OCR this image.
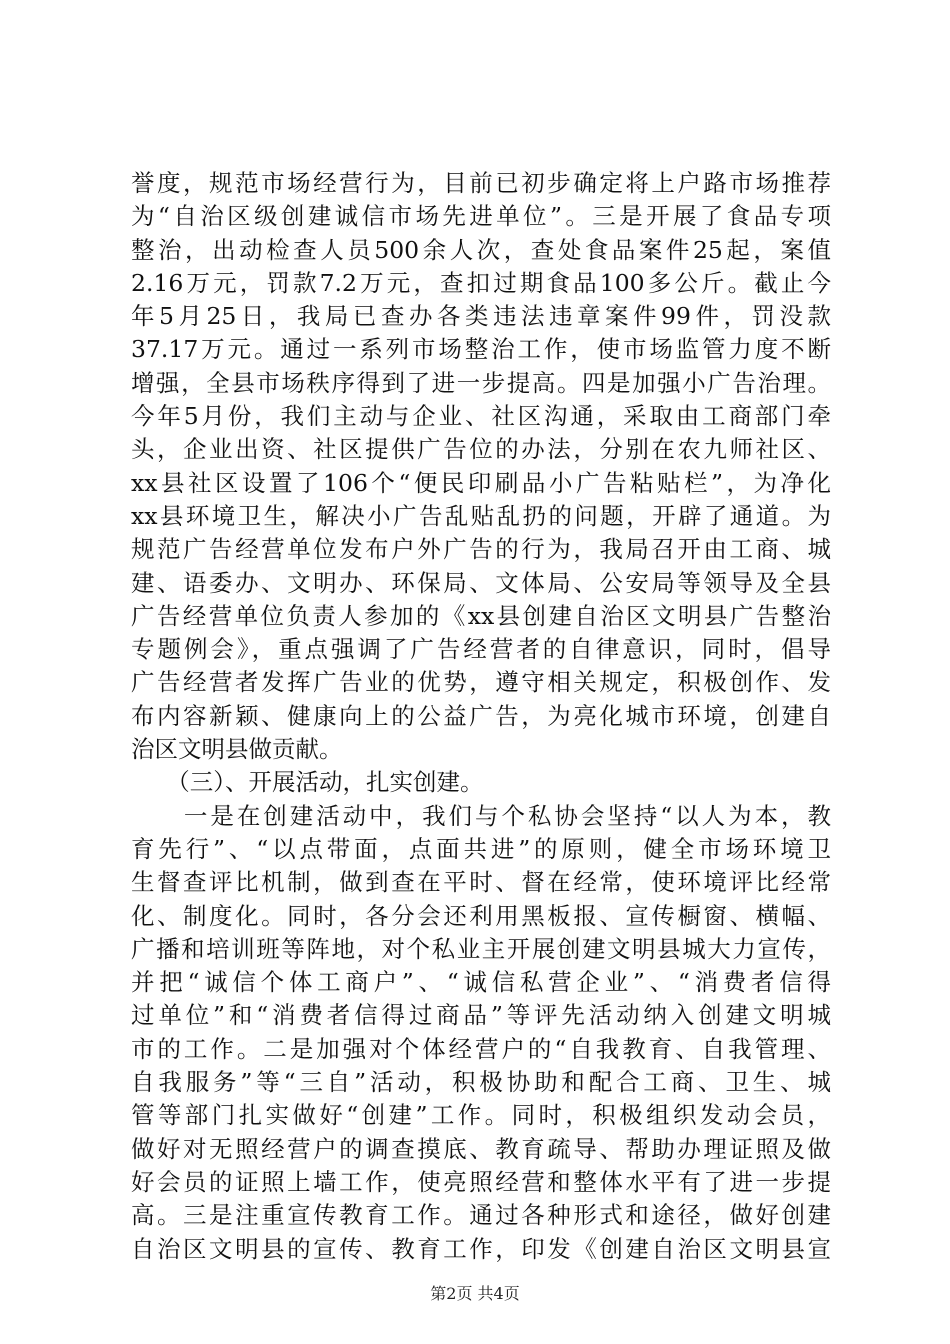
誉度，规范市场经营行为，目前已初步确定将上户路市场推荐
为“自治区级创建诚信市场先进单位”。三是开展了食品专项
整治，出动检查人员500余人次，查处食品案件25起，案值
2.16万元，罚款7.2万元，查扣过期食品100多公斤。截止今
年5月25日，我局已查办各类违法违章案件99件，罚没款
37.17万元。通过一系列市场整治工作，使市场监管力度不断
增强，全县市场秩序得到了进一步提高。四是加强小广告治理。
今年5月份，我们主动与企业、社区沟通，采取由工商部门牵
头，企业出资、社区提供广告位的办法，分别在农九师社区、
xx县社区设置了106个“便民印刷品小广告粘贴栏”，为净化
xx县环境卫生，解决小广告乱贴乱扔的问题，开辟了通道。为
规范广告经营单位发布户外广告的行为，我局召开由工商、城
建、语委办、文明办、环保局、文体局、公安局等领导及全县
广告经营单位负责人参加的《xx县创建自治区文明县广告整治
专题例会》，重点强调了广告经营者的自律意识，同时，倡导
广告经营者发挥广告业的优势，遵守相关规定，积极创作、发
布内容新颖、健康向上的公益广告，为亮化城市环境，创建自
治区文明县做贡献。
　　（三）、开展活动，扎实创建。
　　一是在创建活动中，我们与个私协会坚持“以人为本，教
育先行”、“以点带面，点面共进”的原则，健全市场环境卫
生督查评比机制，做到查在平时、督在经常，使环境评比经常
化、制度化。同时，各分会还利用黑板报、宣传橱窗、横幅、
广播和培训班等阵地，对个私业主开展创建文明县城大力宣传，
并把“诚信个体工商户”、“诚信私营企业”、“消费者信得
过单位”和“消费者信得过商品”等评先活动纳入创建文明城
市的工作。二是加强对个体经营户的“自我教育、自我管理、
自我服务”等“三自”活动，积极协助和配合工商、卫生、城
管等部门扎实做好“创建”工作。同时，积极组织发动会员，
做好对无照经营户的调查摸底、教育疏导、帮助办理证照及做
好会员的证照上墙工作，使亮照经营和整体水平有了进一步提
高。三是注重宣传教育工作。通过各种形式和途径，做好创建
自治区文明县的宣传、教育工作，印发《创建自治区文明县宣
第2页 共4页
